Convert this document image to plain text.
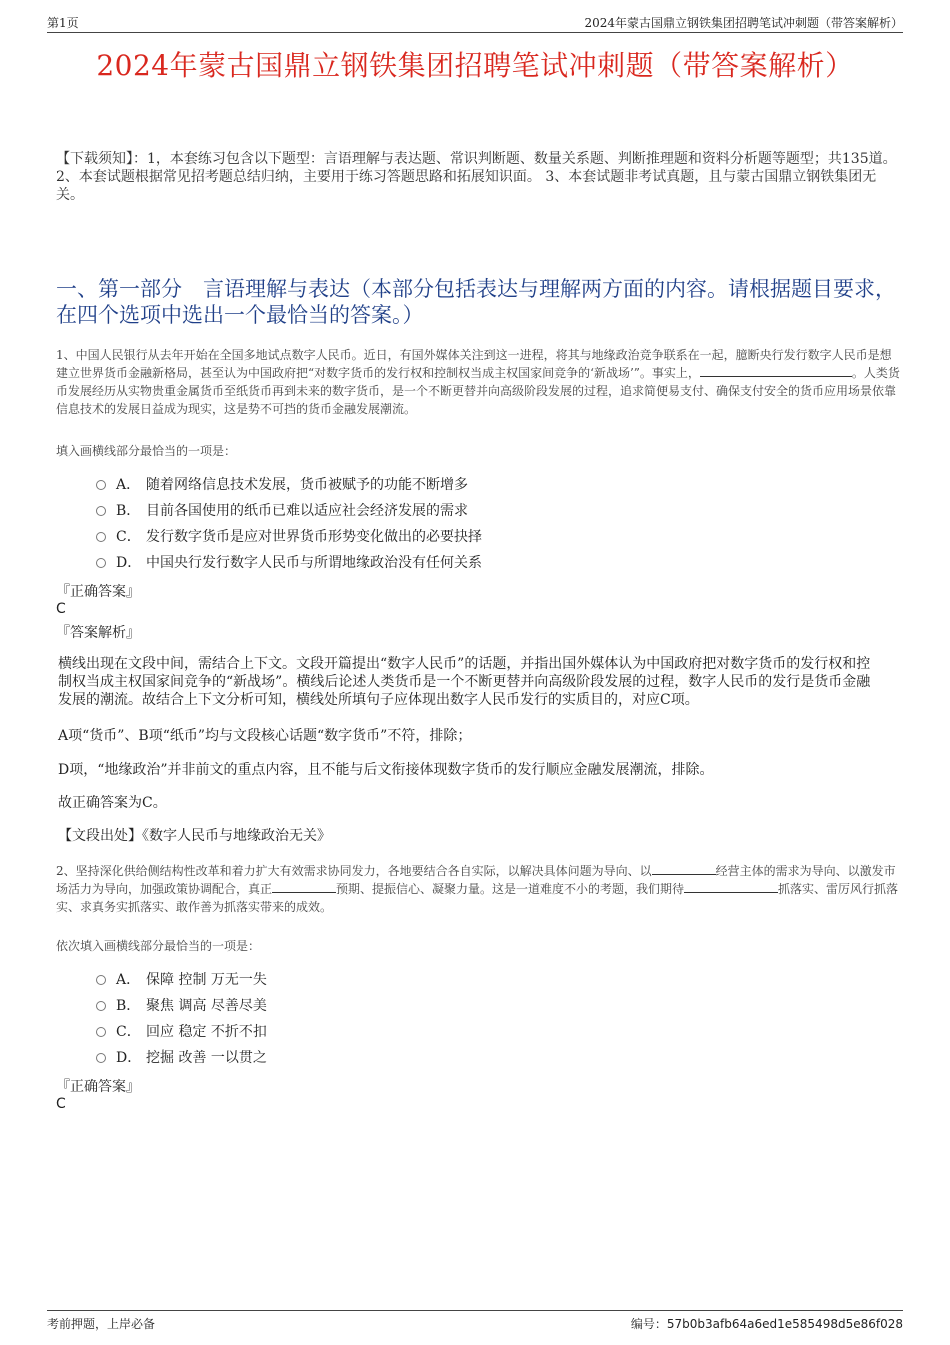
第1页	2024年蒙古国鼎立钢铁集团招聘笔试冲刺题（带答案解析）
2024年蒙古国鼎立钢铁集团招聘笔试冲刺题（带答案解析）
【下载须知】：1，本套练习包含以下题型：言语理解与表达题、常识判断题、数量关系题、判断推理题和资料分析题等题型；共135道。 2、本套试题根据常见招考题总结归纳，主要用于练习答题思路和拓展知识面。 3、本套试题非考试真题，且与蒙古国鼎立钢铁集团无关。
一、第一部分　言语理解与表达（本部分包括表达与理解两方面的内容。请根据题目要求，在四个选项中选出一个最恰当的答案。）
1、中国人民银行从去年开始在全国多地试点数字人民币。近日，有国外媒体关注到这一进程，将其与地缘政治竞争联系在一起，臆断央行发行数字人民币是想建立世界货币金融新格局，甚至认为中国政府把“对数字货币的发行权和控制权当成主权国家间竞争的‘新战场’”。事实上，	。人类货币发展经历从实物贵重金属货币至纸货币再到未来的数字货币，是一个不断更替并向高级阶段发展的过程，追求简便易支付、确保支付安全的货币应用场景依靠信息技术的发展日益成为现实，这是势不可挡的货币金融发展潮流。
填入画横线部分最恰当的一项是：
A． 随着网络信息技术发展，货币被赋予的功能不断增多
B． 目前各国使用的纸币已难以适应社会经济发展的需求
C． 发行数字货币是应对世界货币形势变化做出的必要抉择
D． 中国央行发行数字人民币与所谓地缘政治没有任何关系
『正确答案』
C
『答案解析』
横线出现在文段中间，需结合上下文。文段开篇提出“数字人民币”的话题，并指出国外媒体认为中国政府把对数字货币的发行权和控制权当成主权国家间竞争的“新战场”。横线后论述人类货币是一个不断更替并向高级阶段发展的过程，数字人民币的发行是货币金融发展的潮流。故结合上下文分析可知，横线处所填句子应体现出数字人民币发行的实质目的，对应C项。
A项“货币”、B项“纸币”均与文段核心话题“数字货币”不符，排除；
D项，“地缘政治”并非前文的重点内容，且不能与后文衔接体现数字货币的发行顺应金融发展潮流，排除。
故正确答案为C。
【文段出处】《数字人民币与地缘政治无关》
2、坚持深化供给侧结构性改革和着力扩大有效需求协同发力，各地要结合各自实际，以解决具体问题为导向、以	经营主体的需求为导向、以激发市场活力为导向，加强政策协调配合，真正	预期、提振信心、凝聚力量。这是一道难度不小的考题，我们期待	抓落实、雷厉风行抓落实、求真务实抓落实、敢作善为抓落实带来的成效。
依次填入画横线部分最恰当的一项是：
A． 保障 控制 万无一失
B． 聚焦 调高 尽善尽美
C． 回应 稳定 不折不扣
D． 挖掘 改善 一以贯之
『正确答案』
C
考前押题，上岸必备	编号：57b0b3afb64a6ed1e585498d5e86f028
